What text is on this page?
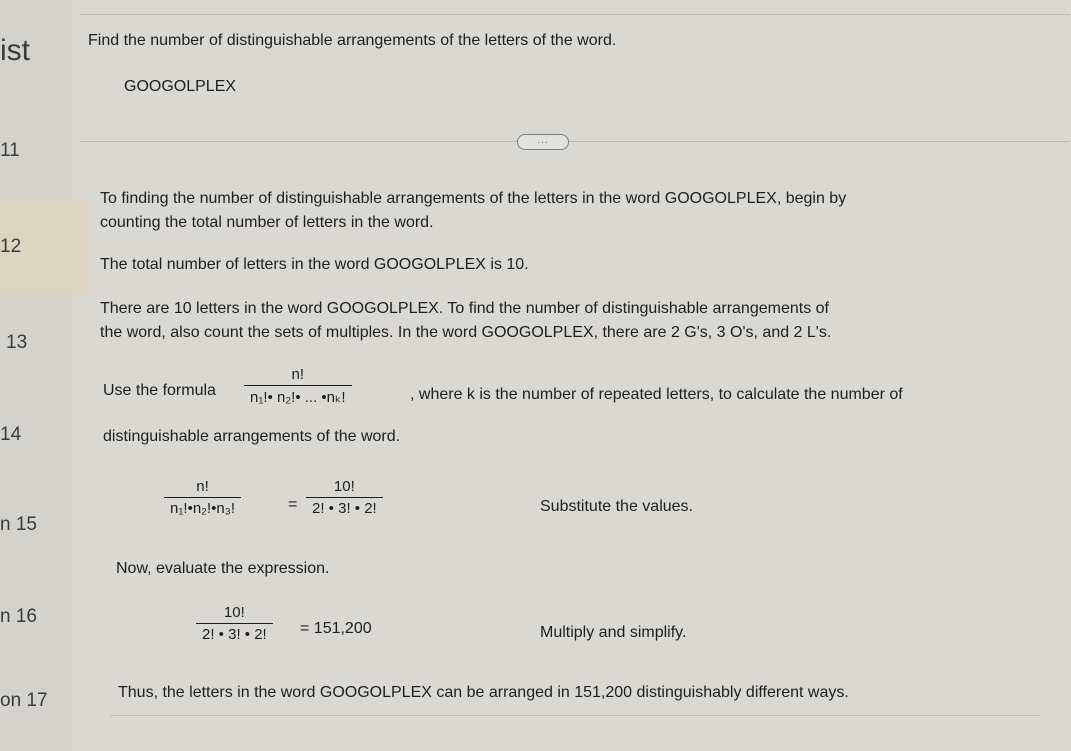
ist
11
12
13
14
n 15
n 16
on 17
Find the number of distinguishable arrangements of the letters of the word.
GOOGOLPLEX
...
To finding the number of distinguishable arrangements of the letters in the word GOOGOLPLEX, begin by
counting the total number of letters in the word.
The total number of letters in the word GOOGOLPLEX is 10.
There are 10 letters in the word GOOGOLPLEX. To find the number of distinguishable arrangements of
the word, also count the sets of multiples. In the word GOOGOLPLEX, there are 2 G's, 3 O's, and 2 L's.
Use the formula $\frac{n!}{\text{n₁!• n₂!• ... •nₖ!}}$	, where k is the number of repeated letters, to calculate the number of
distinguishable arrangements of the word.
$\frac{n!}{\text{n₁!•n₂!•n₃!}}$	= $\frac{10!}{2! • 3! • 2!}$	Substitute the values.
Now, evaluate the expression.
$\frac{10!}{2! • 3! • 2!} = 151,200$	Multiply and simplify.
Thus, the letters in the word GOOGOLPLEX can be arranged in 151,200 distinguishably different ways.
